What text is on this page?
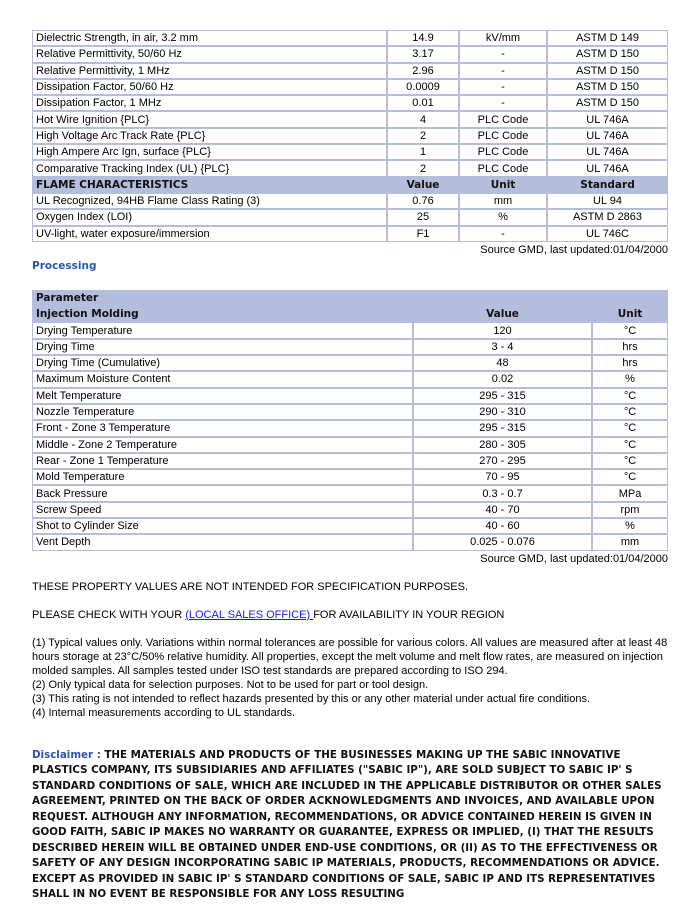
Dielectric Strength, in air, 3.2 mm	14.9	kV/mm	ASTM D 149
Relative Permittivity, 50/60 Hz	3.17	-	ASTM D 150
Relative Permittivity, 1 MHz	2.96	-	ASTM D 150
Dissipation Factor, 50/60 Hz	0.0009	-	ASTM D 150
Dissipation Factor, 1 MHz	0.01	-	ASTM D 150
Hot Wire Ignition {PLC}	4	PLC Code	UL 746A
High Voltage Arc Track Rate {PLC}	2	PLC Code	UL 746A
High Ampere Arc Ign, surface {PLC}	1	PLC Code	UL 746A
Comparative Tracking Index (UL) {PLC}	2	PLC Code	UL 746A
FLAME CHARACTERISTICS	Value	Unit	Standard
UL Recognized, 94HB Flame Class Rating (3)	0.76	mm	UL 94
Oxygen Index (LOI)	25	%	ASTM D 2863
UV-light, water exposure/immersion	F1	-	UL 746C
Source GMD, last updated:01/04/2000
Processing
Parameter		
Injection Molding	Value	Unit
Drying Temperature	120	°C
Drying Time	3 - 4	hrs
Drying Time (Cumulative)	48	hrs
Maximum Moisture Content	0.02	%
Melt Temperature	295 - 315	°C
Nozzle Temperature	290 - 310	°C
Front - Zone 3 Temperature	295 - 315	°C
Middle - Zone 2 Temperature	280 - 305	°C
Rear - Zone 1 Temperature	270 - 295	°C
Mold Temperature	70 - 95	°C
Back Pressure	0.3 - 0.7	MPa
Screw Speed	40 - 70	rpm
Shot to Cylinder Size	40 - 60	%
Vent Depth	0.025 - 0.076	mm
Source GMD, last updated:01/04/2000
THESE PROPERTY VALUES ARE NOT INTENDED FOR SPECIFICATION PURPOSES.
PLEASE CHECK WITH YOUR (LOCAL SALES OFFICE) FOR AVAILABILITY IN YOUR REGION
(1) Typical values only. Variations within normal tolerances are possible for various colors. All values are measured after at least 48 hours storage at 23°C/50% relative humidity. All properties, except the melt volume and melt flow rates, are measured on injection molded samples. All samples tested under ISO test standards are prepared according to ISO 294.
(2) Only typical data for selection purposes. Not to be used for part or tool design.
(3) This rating is not intended to reflect hazards presented by this or any other material under actual fire conditions.
(4) Internal measurements according to UL standards.
Disclaimer : THE MATERIALS AND PRODUCTS OF THE BUSINESSES MAKING UP THE SABIC INNOVATIVE PLASTICS COMPANY, ITS SUBSIDIARIES AND AFFILIATES ("SABIC IP"), ARE SOLD SUBJECT TO SABIC IP' S STANDARD CONDITIONS OF SALE, WHICH ARE INCLUDED IN THE APPLICABLE DISTRIBUTOR OR OTHER SALES AGREEMENT, PRINTED ON THE BACK OF ORDER ACKNOWLEDGMENTS AND INVOICES, AND AVAILABLE UPON REQUEST. ALTHOUGH ANY INFORMATION, RECOMMENDATIONS, OR ADVICE CONTAINED HEREIN IS GIVEN IN GOOD FAITH, SABIC IP MAKES NO WARRANTY OR GUARANTEE, EXPRESS OR IMPLIED, (I) THAT THE RESULTS DESCRIBED HEREIN WILL BE OBTAINED UNDER END-USE CONDITIONS, OR (II) AS TO THE EFFECTIVENESS OR SAFETY OF ANY DESIGN INCORPORATING SABIC IP MATERIALS, PRODUCTS, RECOMMENDATIONS OR ADVICE. EXCEPT AS PROVIDED IN SABIC IP' S STANDARD CONDITIONS OF SALE, SABIC IP AND ITS REPRESENTATIVES SHALL IN NO EVENT BE RESPONSIBLE FOR ANY LOSS RESULTING
